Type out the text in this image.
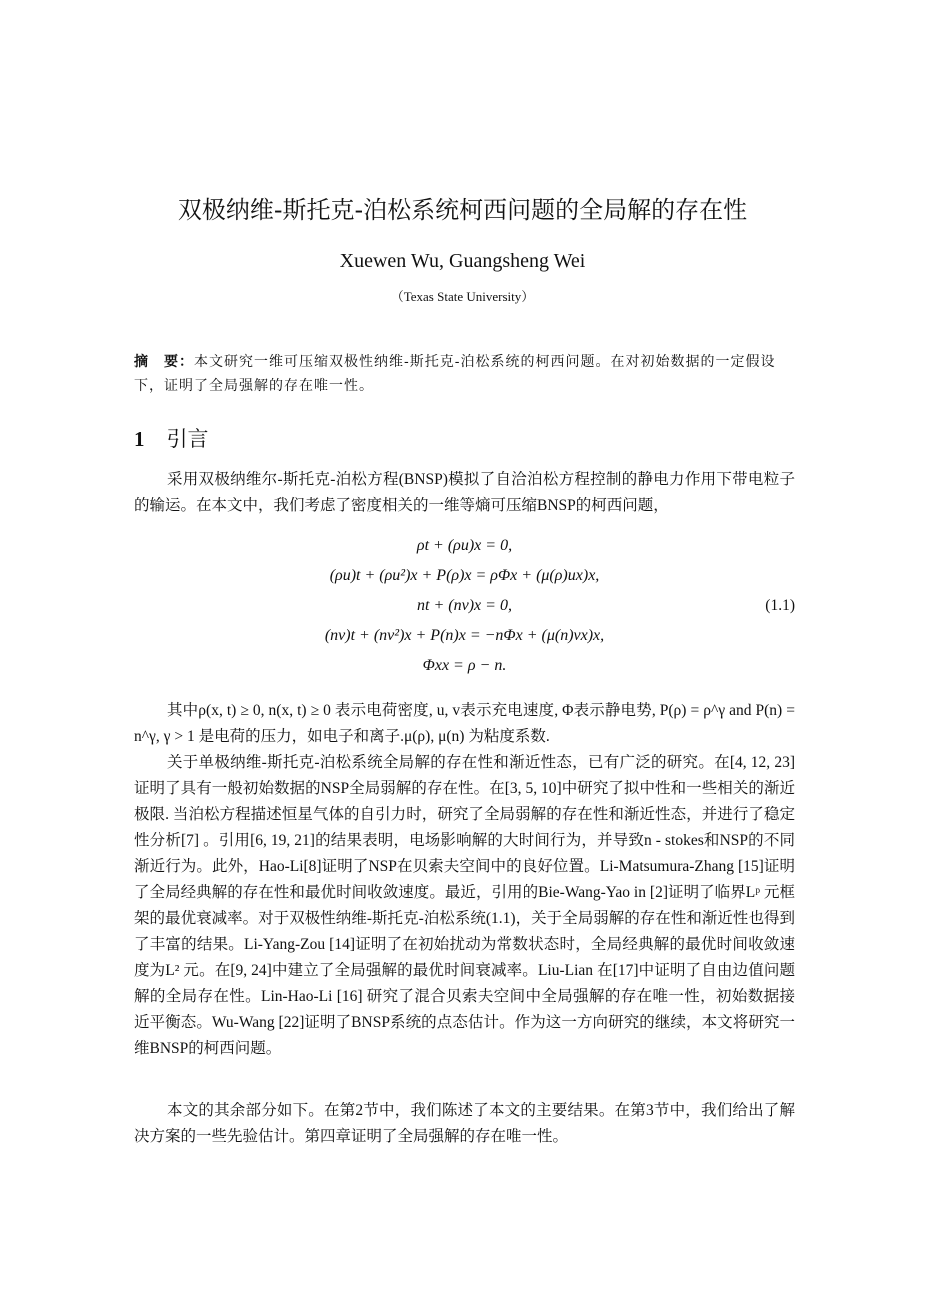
双极纳维-斯托克-泊松系统柯西问题的全局解的存在性
Xuewen Wu, Guangsheng Wei
（Texas State University）
摘　要：本文研究一维可压缩双极性纳维-斯托克-泊松系统的柯西问题。在对初始数据的一定假设下，证明了全局强解的存在唯一性。
1 引言
采用双极纳维尔-斯托克-泊松方程(BNSP)模拟了自洽泊松方程控制的静电力作用下带电粒子的输运。在本文中，我们考虑了密度相关的一维等熵可压缩BNSP的柯西问题，
ρt + (ρu)x = 0,
(ρu)t + (ρu²)x + P(ρ)x = ρΦx + (μ(ρ)ux)x,
nt + (nv)x = 0,
(nv)t + (nv²)x + P(n)x = −nΦx + (μ(n)vx)x,
Φxx = ρ − n.
(1.1)
其中ρ(x, t) ≥ 0, n(x, t) ≥ 0 表示电荷密度, u, v表示充电速度, Φ表示静电势, P(ρ) = ρ^γ and P(n) = n^γ, γ > 1 是电荷的压力，如电子和离子.μ(ρ), μ(n) 为粘度系数.
关于单极纳维-斯托克-泊松系统全局解的存在性和渐近性态，已有广泛的研究。在[4, 12, 23]证明了具有一般初始数据的NSP全局弱解的存在性。在[3, 5, 10]中研究了拟中性和一些相关的渐近极限. 当泊松方程描述恒星气体的自引力时，研究了全局弱解的存在性和渐近性态，并进行了稳定性分析[7] 。引用[6, 19, 21]的结果表明，电场影响解的大时间行为，并导致n - stokes和NSP的不同渐近行为。此外，Hao-Li[8]证明了NSP在贝索夫空间中的良好位置。Li-Matsumura-Zhang [15]证明了全局经典解的存在性和最优时间收敛速度。最近，引用的Bie-Wang-Yao in [2]证明了临界Lᵖ 元框架的最优衰减率。对于双极性纳维-斯托克-泊松系统(1.1)，关于全局弱解的存在性和渐近性也得到了丰富的结果。Li-Yang-Zou [14]证明了在初始扰动为常数状态时，全局经典解的最优时间收敛速度为L² 元。在[9, 24]中建立了全局强解的最优时间衰减率。Liu-Lian 在[17]中证明了自由边值问题解的全局存在性。Lin-Hao-Li [16] 研究了混合贝索夫空间中全局强解的存在唯一性，初始数据接近平衡态。Wu-Wang [22]证明了BNSP系统的点态估计。作为这一方向研究的继续，本文将研究一维BNSP的柯西问题。
本文的其余部分如下。在第2节中，我们陈述了本文的主要结果。在第3节中，我们给出了解决方案的一些先验估计。第四章证明了全局强解的存在唯一性。
